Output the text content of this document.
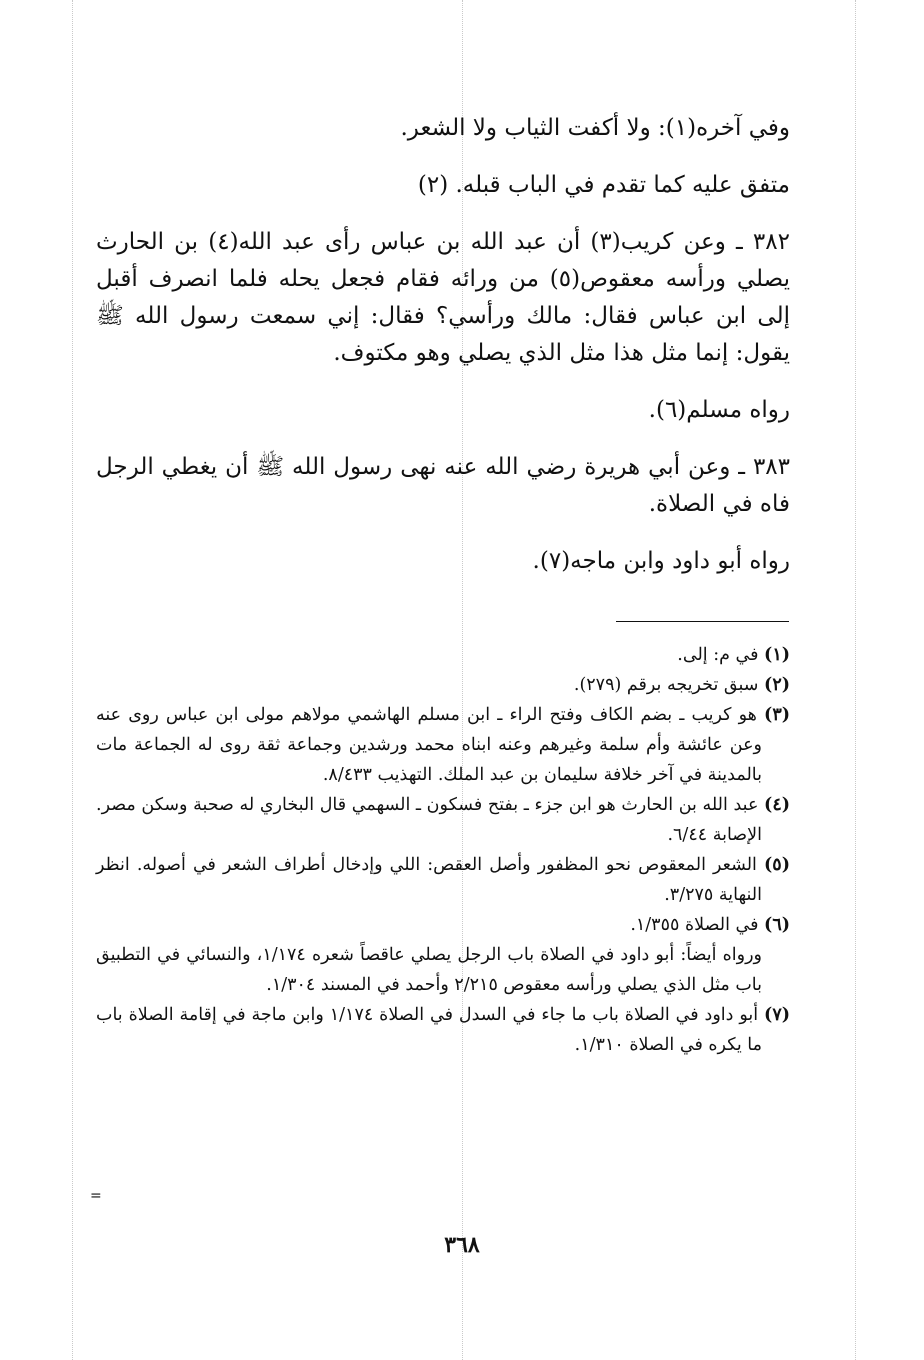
وفي آخره(١): ولا أكفت الثياب ولا الشعر.

متفق عليه كما تقدم في الباب قبله. (٢)

٣٨٢ ـ وعن كريب(٣) أن عبد الله بن عباس رأى عبد الله(٤) بن الحارث يصلي ورأسه معقوص(٥) من ورائه فقام فجعل يحله فلما انصرف أقبل إلى ابن عباس فقال: مالك ورأسي؟ فقال: إني سمعت رسول الله ﷺ يقول: إنما مثل هذا مثل الذي يصلي وهو مكتوف.

رواه مسلم(٦).

٣٨٣ ـ وعن أبي هريرة رضي الله عنه نهى رسول الله ﷺ أن يغطي الرجل فاه في الصلاة.

رواه أبو داود وابن ماجه(٧).

(١) في م: إلى.

(٢) سبق تخريجه برقم (٢٧٩).

(٣) هو كريب ـ بضم الكاف وفتح الراء ـ ابن مسلم الهاشمي مولاهم مولى ابن عباس روى عنه وعن عائشة وأم سلمة وغيرهم وعنه ابناه محمد ورشدين وجماعة ثقة روى له الجماعة مات بالمدينة في آخر خلافة سليمان بن عبد الملك. التهذيب ٨/٤٣٣.

(٤) عبد الله بن الحارث هو ابن جزء ـ بفتح فسكون ـ السهمي قال البخاري له صحبة وسكن مصر. الإصابة ٦/٤٤.

(٥) الشعر المعقوص نحو المظفور وأصل العقص: اللي وإدخال أطراف الشعر في أصوله. انظر النهاية ٣/٢٧٥.

(٦) في الصلاة ١/٣٥٥.

ورواه أيضاً: أبو داود في الصلاة باب الرجل يصلي عاقصاً شعره ١/١٧٤، والنسائي في التطبيق باب مثل الذي يصلي ورأسه معقوص ٢/٢١٥ وأحمد في المسند ١/٣٠٤.

(٧) أبو داود في الصلاة باب ما جاء في السدل في الصلاة ١/١٧٤ وابن ماجة في إقامة الصلاة باب ما يكره في الصلاة ١/٣١٠.

=
٣٦٨
